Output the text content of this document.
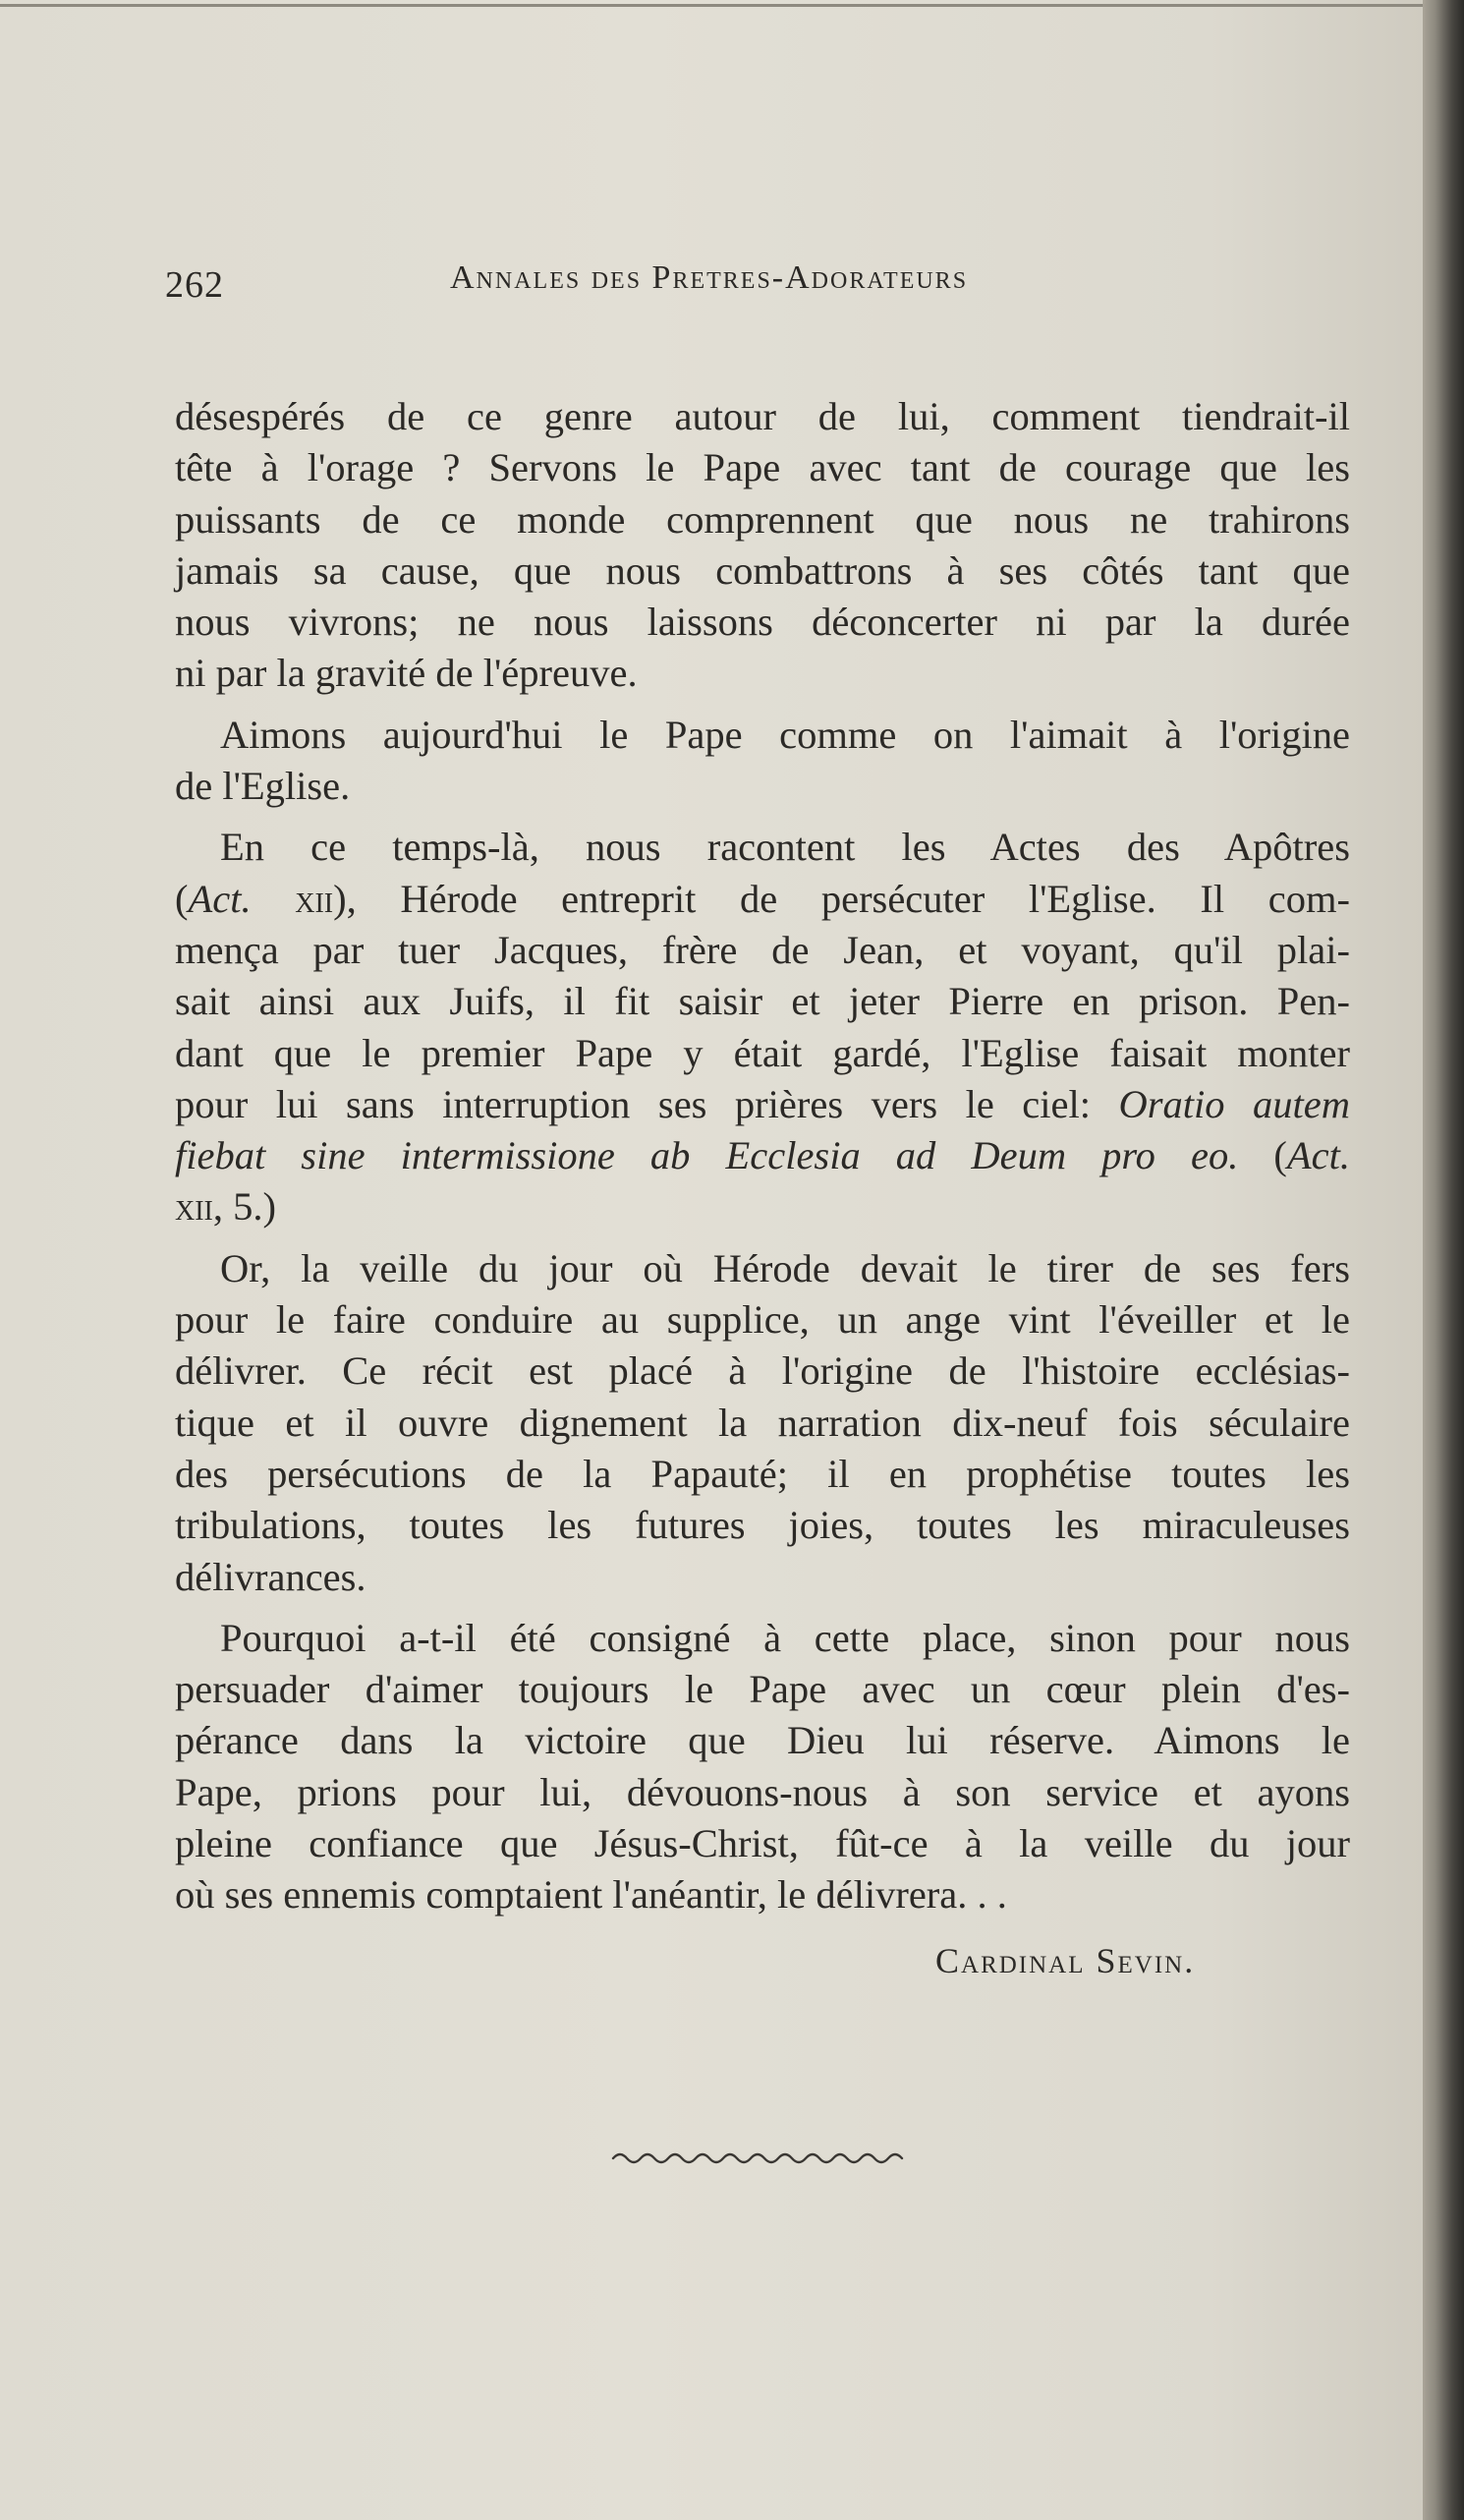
262	Annales des Pretres-Adorateurs

désespérés de ce genre autour de lui, comment tiendrait-il
tête à l'orage ? Servons le Pape avec tant de courage que les
puissants de ce monde comprennent que nous ne trahirons
jamais sa cause, que nous combattrons à ses côtés tant que
nous vivrons; ne nous laissons déconcerter ni par la durée
ni par la gravité de l'épreuve.

Aimons aujourd'hui le Pape comme on l'aimait à l'origine
de l'Eglise.

En ce temps-là, nous racontent les Actes des Apôtres
(Act. xii), Hérode entreprit de persécuter l'Eglise. Il com-
mença par tuer Jacques, frère de Jean, et voyant, qu'il plai-
sait ainsi aux Juifs, il fit saisir et jeter Pierre en prison. Pen-
dant que le premier Pape y était gardé, l'Eglise faisait monter
pour lui sans interruption ses prières vers le ciel: Oratio autem
fiebat sine intermissione ab Ecclesia ad Deum pro eo. (Act.
xii, 5.)

Or, la veille du jour où Hérode devait le tirer de ses fers
pour le faire conduire au supplice, un ange vint l'éveiller et le
délivrer. Ce récit est placé à l'origine de l'histoire ecclésias-
tique et il ouvre dignement la narration dix-neuf fois séculaire
des persécutions de la Papauté; il en prophétise toutes les
tribulations, toutes les futures joies, toutes les miraculeuses
délivrances.

Pourquoi a-t-il été consigné à cette place, sinon pour nous
persuader d'aimer toujours le Pape avec un cœur plein d'es-
pérance dans la victoire que Dieu lui réserve. Aimons le
Pape, prions pour lui, dévouons-nous à son service et ayons
pleine confiance que Jésus-Christ, fût-ce à la veille du jour
où ses ennemis comptaient l'anéantir, le délivrera. . .

Cardinal Sevin.
